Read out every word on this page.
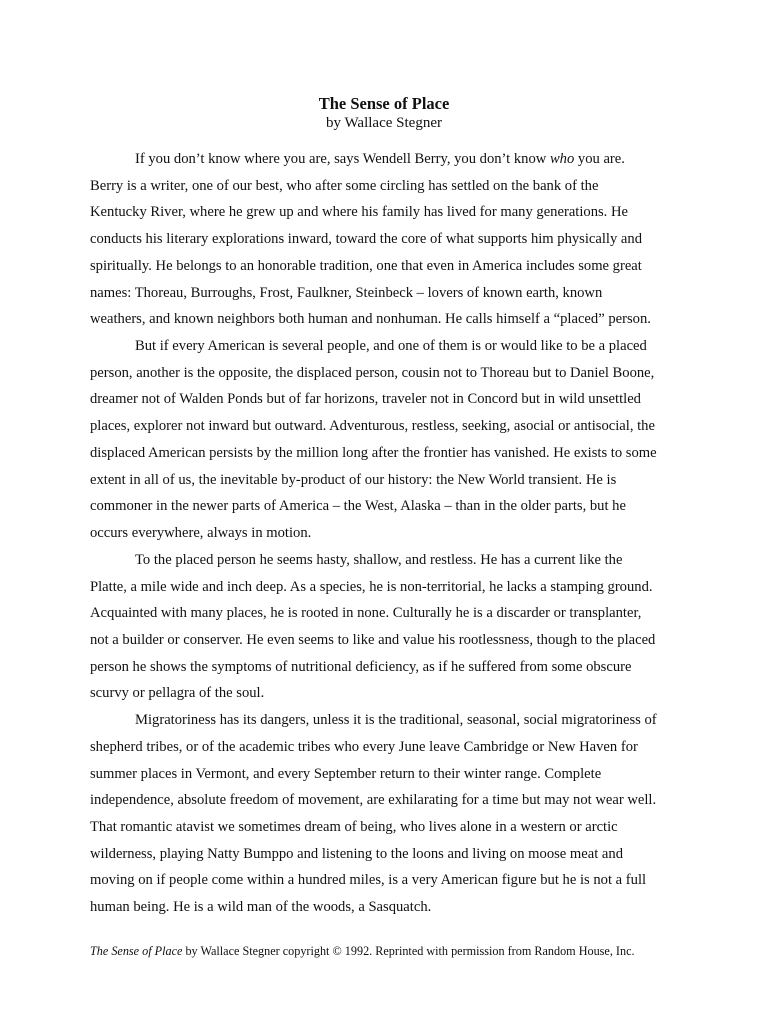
The Sense of Place
by Wallace Stegner
If you don’t know where you are, says Wendell Berry, you don’t know who you are.
Berry is a writer, one of our best, who after some circling has settled on the bank of the
Kentucky River, where he grew up and where his family has lived for many generations. He
conducts his literary explorations inward, toward the core of what supports him physically and
spiritually. He belongs to an honorable tradition, one that even in America includes some great
names: Thoreau, Burroughs, Frost, Faulkner, Steinbeck – lovers of known earth, known
weathers, and known neighbors both human and nonhuman. He calls himself a “placed” person.
But if every American is several people, and one of them is or would like to be a placed
person, another is the opposite, the displaced person, cousin not to Thoreau but to Daniel Boone,
dreamer not of Walden Ponds but of far horizons, traveler not in Concord but in wild unsettled
places, explorer not inward but outward. Adventurous, restless, seeking, asocial or antisocial, the
displaced American persists by the million long after the frontier has vanished. He exists to some
extent in all of us, the inevitable by-product of our history: the New World transient. He is
commoner in the newer parts of America – the West, Alaska – than in the older parts, but he
occurs everywhere, always in motion.
To the placed person he seems hasty, shallow, and restless. He has a current like the
Platte, a mile wide and inch deep. As a species, he is non-territorial, he lacks a stamping ground.
Acquainted with many places, he is rooted in none. Culturally he is a discarder or transplanter,
not a builder or conserver. He even seems to like and value his rootlessness, though to the placed
person he shows the symptoms of nutritional deficiency, as if he suffered from some obscure
scurvy or pellagra of the soul.
Migratoriness has its dangers, unless it is the traditional, seasonal, social migratoriness of
shepherd tribes, or of the academic tribes who every June leave Cambridge or New Haven for
summer places in Vermont, and every September return to their winter range. Complete
independence, absolute freedom of movement, are exhilarating for a time but may not wear well.
That romantic atavist we sometimes dream of being, who lives alone in a western or arctic
wilderness, playing Natty Bumppo and listening to the loons and living on moose meat and
moving on if people come within a hundred miles, is a very American figure but he is not a full
human being. He is a wild man of the woods, a Sasquatch.
The Sense of Place by Wallace Stegner copyright © 1992. Reprinted with permission from Random House, Inc.
